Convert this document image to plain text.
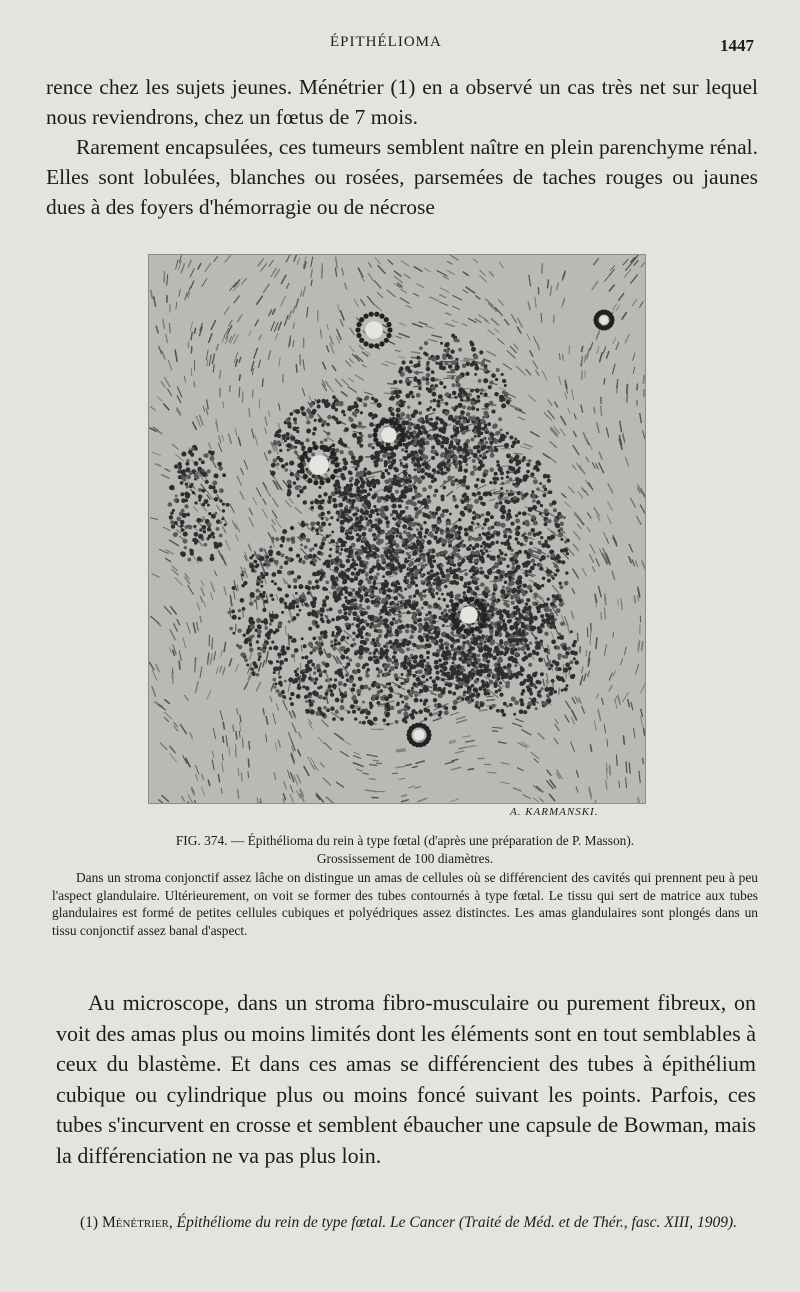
ÉPITHÉLIOMA	1447

rence chez les sujets jeunes. Ménétrier (1) en a observé un cas très net sur lequel nous reviendrons, chez un fœtus de 7 mois.

Rarement encapsulées, ces tumeurs semblent naître en plein parenchyme rénal. Elles sont lobulées, blanches ou rosées, parsemées de taches rouges ou jaunes dues à des foyers d'hémorragie ou de nécrose

A. KARMANSKI.

FIG. 374. — Épithélioma du rein à type fœtal (d'après une préparation de P. Masson).

Grossissement de 100 diamètres.

Dans un stroma conjonctif assez lâche on distingue un amas de cellules où se différencient des cavités qui prennent peu à peu l'aspect glandulaire. Ultérieurement, on voit se former des tubes contournés à type fœtal. Le tissu qui sert de matrice aux tubes glandulaires est formé de petites cellules cubiques et polyédriques assez distinctes. Les amas glandulaires sont plongés dans un tissu conjonctif assez banal d'aspect.

Au microscope, dans un stroma fibro-musculaire ou purement fibreux, on voit des amas plus ou moins limités dont les éléments sont en tout semblables à ceux du blastème. Et dans ces amas se différencient des tubes à épithélium cubique ou cylindrique plus ou moins foncé suivant les points. Parfois, ces tubes s'incurvent en crosse et semblent ébaucher une capsule de Bowman, mais la différenciation ne va pas plus loin.

(1) Ménétrier, Épithéliome du rein de type fœtal. Le Cancer (Traité de Méd. et de Thér., fasc. XIII, 1909).
